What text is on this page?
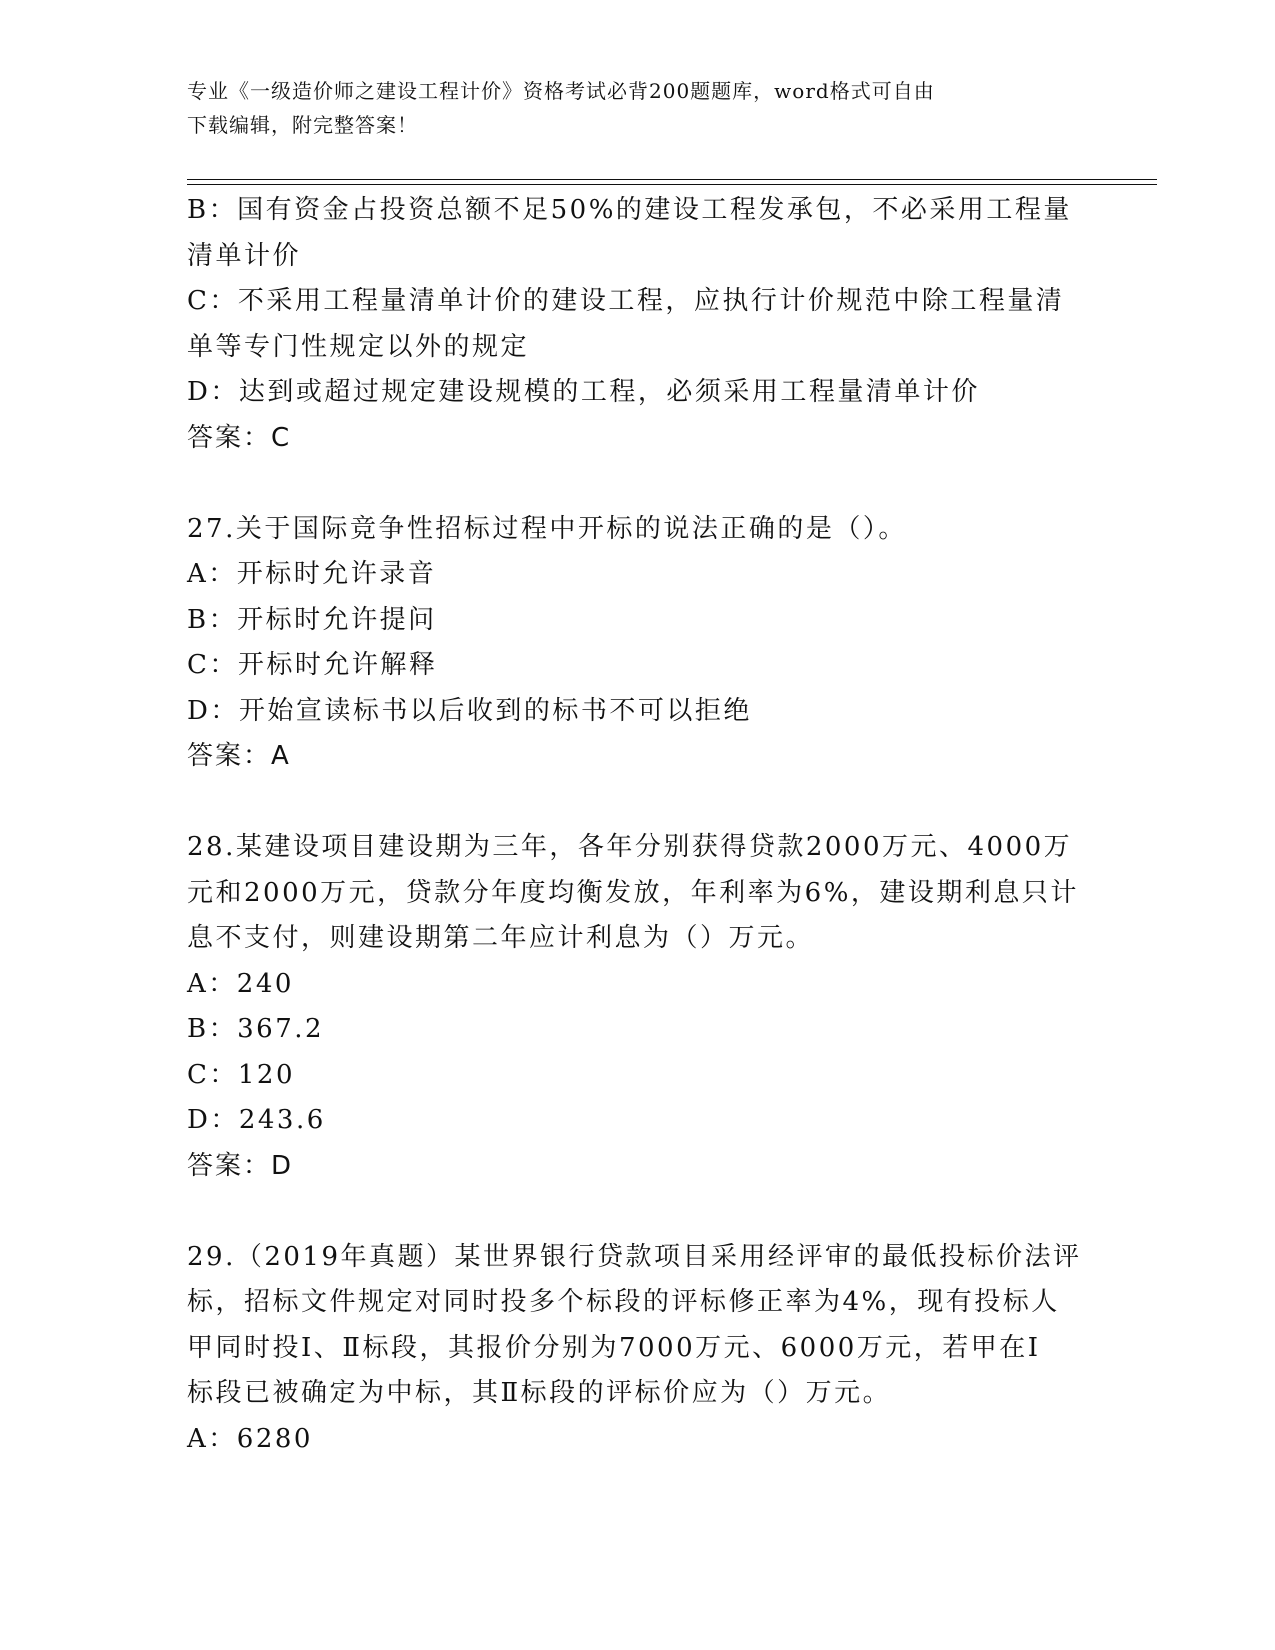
专业《一级造价师之建设工程计价》资格考试必背200题题库，word格式可自由
下载编辑，附完整答案！
B：国有资金占投资总额不足50%的建设工程发承包，不必采用工程量
清单计价
C：不采用工程量清单计价的建设工程，应执行计价规范中除工程量清
单等专门性规定以外的规定
D：达到或超过规定建设规模的工程，必须采用工程量清单计价
答案：C
27.关于国际竞争性招标过程中开标的说法正确的是（）。
A：开标时允许录音
B：开标时允许提问
C：开标时允许解释
D：开始宣读标书以后收到的标书不可以拒绝
答案：A
28.某建设项目建设期为三年，各年分别获得贷款2000万元、4000万
元和2000万元，贷款分年度均衡发放，年利率为6%，建设期利息只计
息不支付，则建设期第二年应计利息为（）万元。
A：240
B：367.2
C：120
D：243.6
答案：D
29.（2019年真题）某世界银行贷款项目采用经评审的最低投标价法评
标，招标文件规定对同时投多个标段的评标修正率为4%，现有投标人
甲同时投Ⅰ、Ⅱ标段，其报价分别为7000万元、6000万元，若甲在Ⅰ
标段已被确定为中标，其Ⅱ标段的评标价应为（）万元。
A：6280
